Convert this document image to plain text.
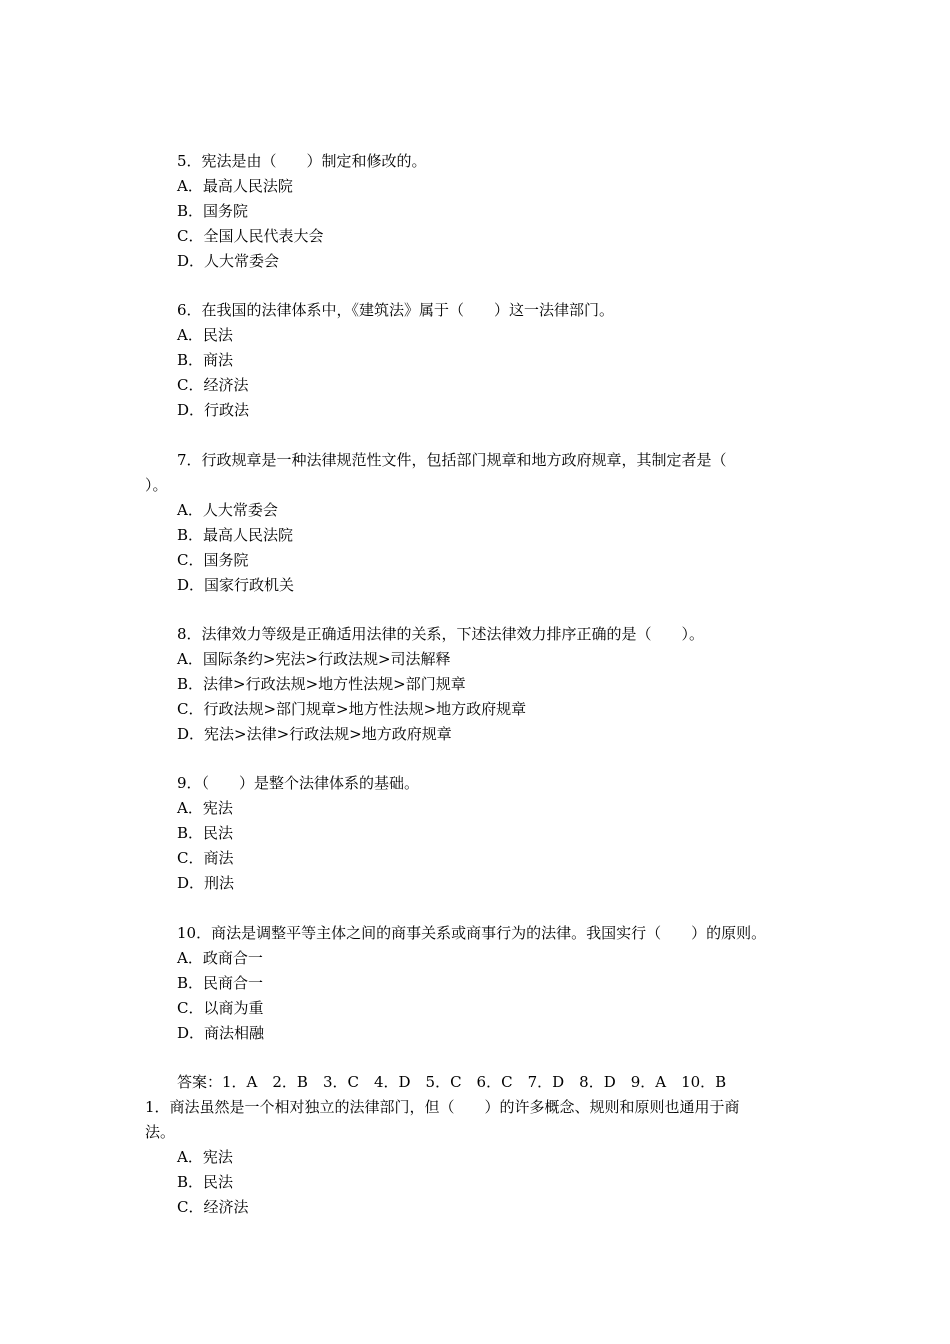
5．宪法是由（　　）制定和修改的。
A．最高人民法院
B．国务院
C．全国人民代表大会
D．人大常委会
6．在我国的法律体系中，《建筑法》属于（　　）这一法律部门。
A．民法
B．商法
C．经济法
D．行政法
7．行政规章是一种法律规范性文件，包括部门规章和地方政府规章，其制定者是（
）。
A．人大常委会
B．最高人民法院
C．国务院
D．国家行政机关
8．法律效力等级是正确适用法律的关系，下述法律效力排序正确的是（　　）。
A．国际条约>宪法>行政法规>司法解释
B．法律>行政法规>地方性法规>部门规章
C．行政法规>部门规章>地方性法规>地方政府规章
D．宪法>法律>行政法规>地方政府规章
9．（　　）是整个法律体系的基础。
A．宪法
B．民法
C．商法
D．刑法
10．商法是调整平等主体之间的商事关系或商事行为的法律。我国实行（　　）的原则。
A．政商合一
B．民商合一
C．以商为重
D．商法相融
答案：1．A　2．B　3．C　4．D　5．C　6．C　7．D　8．D　9．A　10．B
1．商法虽然是一个相对独立的法律部门，但（　　）的许多概念、规则和原则也通用于商
法。
A．宪法
B．民法
C．经济法
